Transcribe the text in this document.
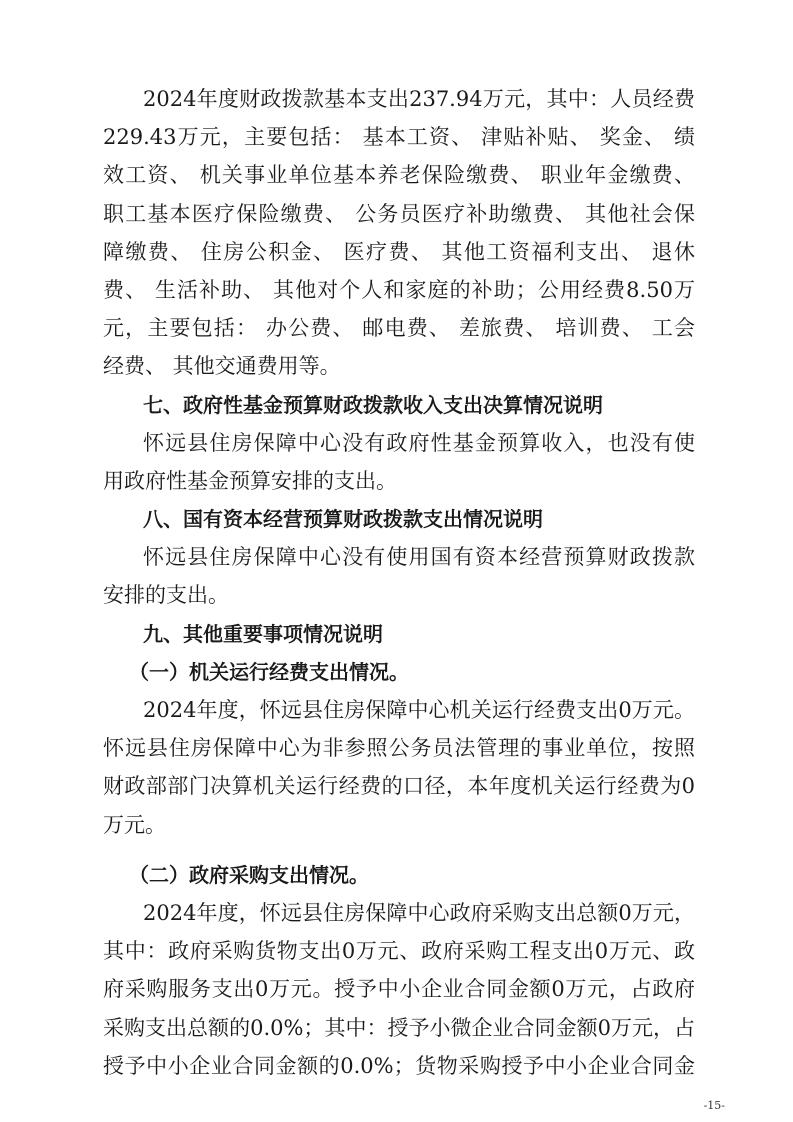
2024年度财政拨款基本支出237.94万元，其中：人员经费
229.43万元，主要包括： 基本工资、 津贴补贴、 奖金、 绩
效工资、 机关事业单位基本养老保险缴费、 职业年金缴费、
职工基本医疗保险缴费、 公务员医疗补助缴费、 其他社会保
障缴费、 住房公积金、 医疗费、 其他工资福利支出、 退休
费、 生活补助、 其他对个人和家庭的补助；公用经费8.50万
元，主要包括： 办公费、 邮电费、 差旅费、 培训费、 工会
经费、 其他交通费用等。
七、政府性基金预算财政拨款收入支出决算情况说明
怀远县住房保障中心没有政府性基金预算收入，也没有使
用政府性基金预算安排的支出。
八、国有资本经营预算财政拨款支出情况说明
怀远县住房保障中心没有使用国有资本经营预算财政拨款
安排的支出。
九、其他重要事项情况说明
（一）机关运行经费支出情况。
2024年度，怀远县住房保障中心机关运行经费支出0万元。
怀远县住房保障中心为非参照公务员法管理的事业单位，按照
财政部部门决算机关运行经费的口径，本年度机关运行经费为0
万元。
（二）政府采购支出情况。
2024年度，怀远县住房保障中心政府采购支出总额0万元，
其中：政府采购货物支出0万元、政府采购工程支出0万元、政
府采购服务支出0万元。授予中小企业合同金额0万元，占政府
采购支出总额的0.0%；其中：授予小微企业合同金额0万元，占
授予中小企业合同金额的0.0%；货物采购授予中小企业合同金
-15-
